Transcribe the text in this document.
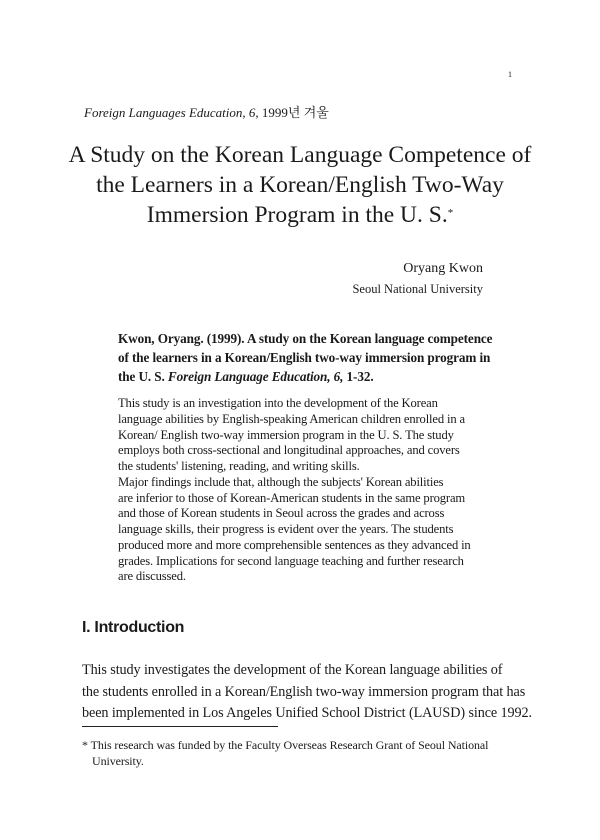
1
Foreign Languages Education, 6, 1999년 겨울
A Study on the Korean Language Competence of
the Learners in a Korean/English Two-Way
Immersion Program in the U. S.*
Oryang Kwon
Seoul National University
Kwon, Oryang. (1999). A study on the Korean language competence
of the learners in a Korean/English two-way immersion program in
the U. S. Foreign Language Education, 6, 1-32.
This study is an investigation into the development of the Korean
language abilities by English-speaking American children enrolled in a
Korean/ English two-way immersion program in the U. S. The study
employs both cross-sectional and longitudinal approaches, and covers
the students' listening, reading, and writing skills.
Major findings include that, although the subjects' Korean abilities
are inferior to those of Korean-American students in the same program
and those of Korean students in Seoul across the grades and across
language skills, their progress is evident over the years. The students
produced more and more comprehensible sentences as they advanced in
grades. Implications for second language teaching and further research
are discussed.
I. Introduction
This study investigates the development of the Korean language abilities of
the students enrolled in a Korean/English two-way immersion program that has
been implemented in Los Angeles Unified School District (LAUSD) since 1992.
* This research was funded by the Faculty Overseas Research Grant of Seoul National
University.
